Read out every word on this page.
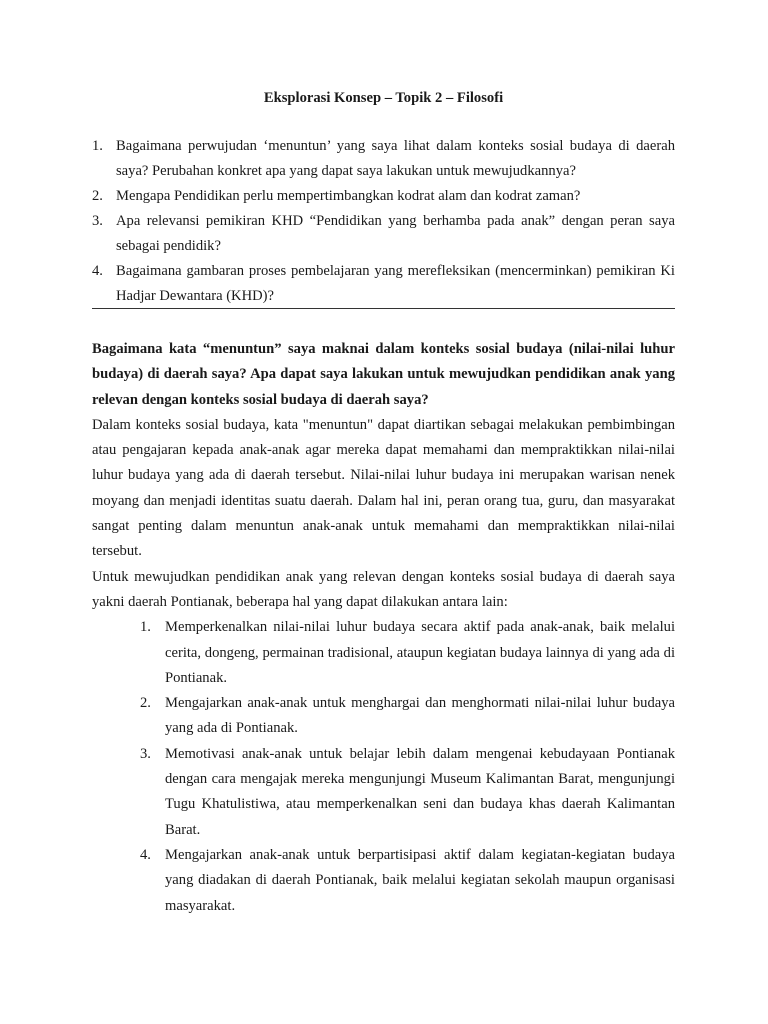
Eksplorasi Konsep – Topik 2 – Filosofi
1. Bagaimana perwujudan ‘menuntun’ yang saya lihat dalam konteks sosial budaya di daerah saya? Perubahan konkret apa yang dapat saya lakukan untuk mewujudkannya?
2. Mengapa Pendidikan perlu mempertimbangkan kodrat alam dan kodrat zaman?
3. Apa relevansi pemikiran KHD “Pendidikan yang berhamba pada anak” dengan peran saya sebagai pendidik?
4. Bagaimana gambaran proses pembelajaran yang merefleksikan (mencerminkan) pemikiran Ki Hadjar Dewantara (KHD)?

Bagaimana kata “menuntun” saya maknai dalam konteks sosial budaya (nilai-nilai luhur budaya) di daerah saya? Apa dapat saya lakukan untuk mewujudkan pendidikan anak yang relevan dengan konteks sosial budaya di daerah saya?

Dalam konteks sosial budaya, kata "menuntun" dapat diartikan sebagai melakukan pembimbingan atau pengajaran kepada anak-anak agar mereka dapat memahami dan mempraktikkan nilai-nilai luhur budaya yang ada di daerah tersebut. Nilai-nilai luhur budaya ini merupakan warisan nenek moyang dan menjadi identitas suatu daerah. Dalam hal ini, peran orang tua, guru, dan masyarakat sangat penting dalam menuntun anak-anak untuk memahami dan mempraktikkan nilai-nilai tersebut.

Untuk mewujudkan pendidikan anak yang relevan dengan konteks sosial budaya di daerah saya yakni daerah Pontianak, beberapa hal yang dapat dilakukan antara lain:

1. Memperkenalkan nilai-nilai luhur budaya secara aktif pada anak-anak, baik melalui cerita, dongeng, permainan tradisional, ataupun kegiatan budaya lainnya di yang ada di Pontianak.
2. Mengajarkan anak-anak untuk menghargai dan menghormati nilai-nilai luhur budaya yang ada di Pontianak.
3. Memotivasi anak-anak untuk belajar lebih dalam mengenai kebudayaan Pontianak dengan cara mengajak mereka mengunjungi Museum Kalimantan Barat, mengunjungi Tugu Khatulistiwa, atau memperkenalkan seni dan budaya khas daerah Kalimantan Barat.
4. Mengajarkan anak-anak untuk berpartisipasi aktif dalam kegiatan-kegiatan budaya yang diadakan di daerah Pontianak, baik melalui kegiatan sekolah maupun organisasi masyarakat.
